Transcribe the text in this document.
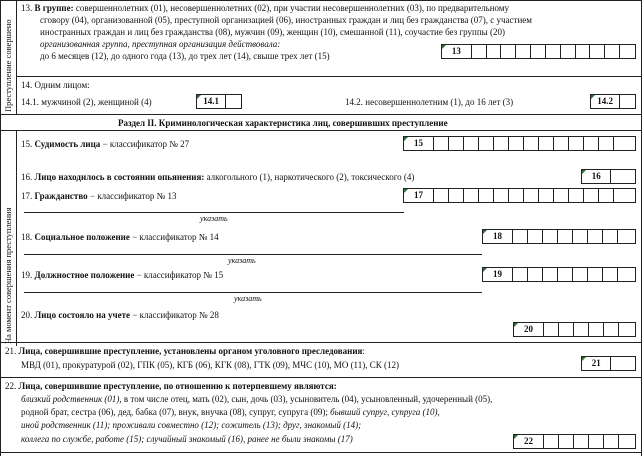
Преступление совершено
На момент совершения преступления
13. В группе: совершеннолетних (01), несовершеннолетних (02), при участии несовершеннолетних (03), по предварительному
сговору (04), организованной (05), преступной организацией (06), иностранных граждан и лиц без гражданства (07), с участием
иностранных граждан и лиц без гражданства (08), мужчин (09), женщин (10), смешанной (11), соучастие без группы (20)
организованная группа, преступная организация действовала:
до 6 месяцев (12), до одного года (13), до трех лет (14), свыше трех лет (15)	13
14. Одним лицом:
14.1. мужчиной (2), женщиной (4)	14.1	14.2. несовершеннолетним (1), до 16 лет (3)	14.2
Раздел II. Криминологическая характеристика лиц, совершивших преступление
15. Судимость лица − классификатор № 27	15
16. Лицо находилось в состоянии опьянения: алкогольного (1), наркотического (2), токсического (4)	16
17. Гражданство − классификатор № 13	17
указать
18. Социальное положение − классификатор № 14	18
указать
19. Должностное положение − классификатор № 15	19
указать
20. Лицо состояло на учете − классификатор № 28
20
21. Лица, совершившие преступление, установлены органом уголовного преследования:
МВД (01), прокуратурой (02), ГПК (05), КГБ (06), КГК (08), ГТК (09), МЧС (10), МО (11), СК (12)	21
22. Лица, совершившие преступление, по отношению к потерпевшему являются:
близкий родственник (01), в том числе отец, мать (02), сын, дочь (03), усыновитель (04), усыновленный, удочеренный (05),
родной брат, сестра (06), дед, бабка (07), внук, внучка (08), супруг, супруга (09); бывший супруг, супруга (10),
иной родственник (11); проживали совместно (12); сожитель (13); друг, знакомый (14);
коллега по службе, работе (15); случайный знакомый (16), ранее не были знакомы (17)	22
